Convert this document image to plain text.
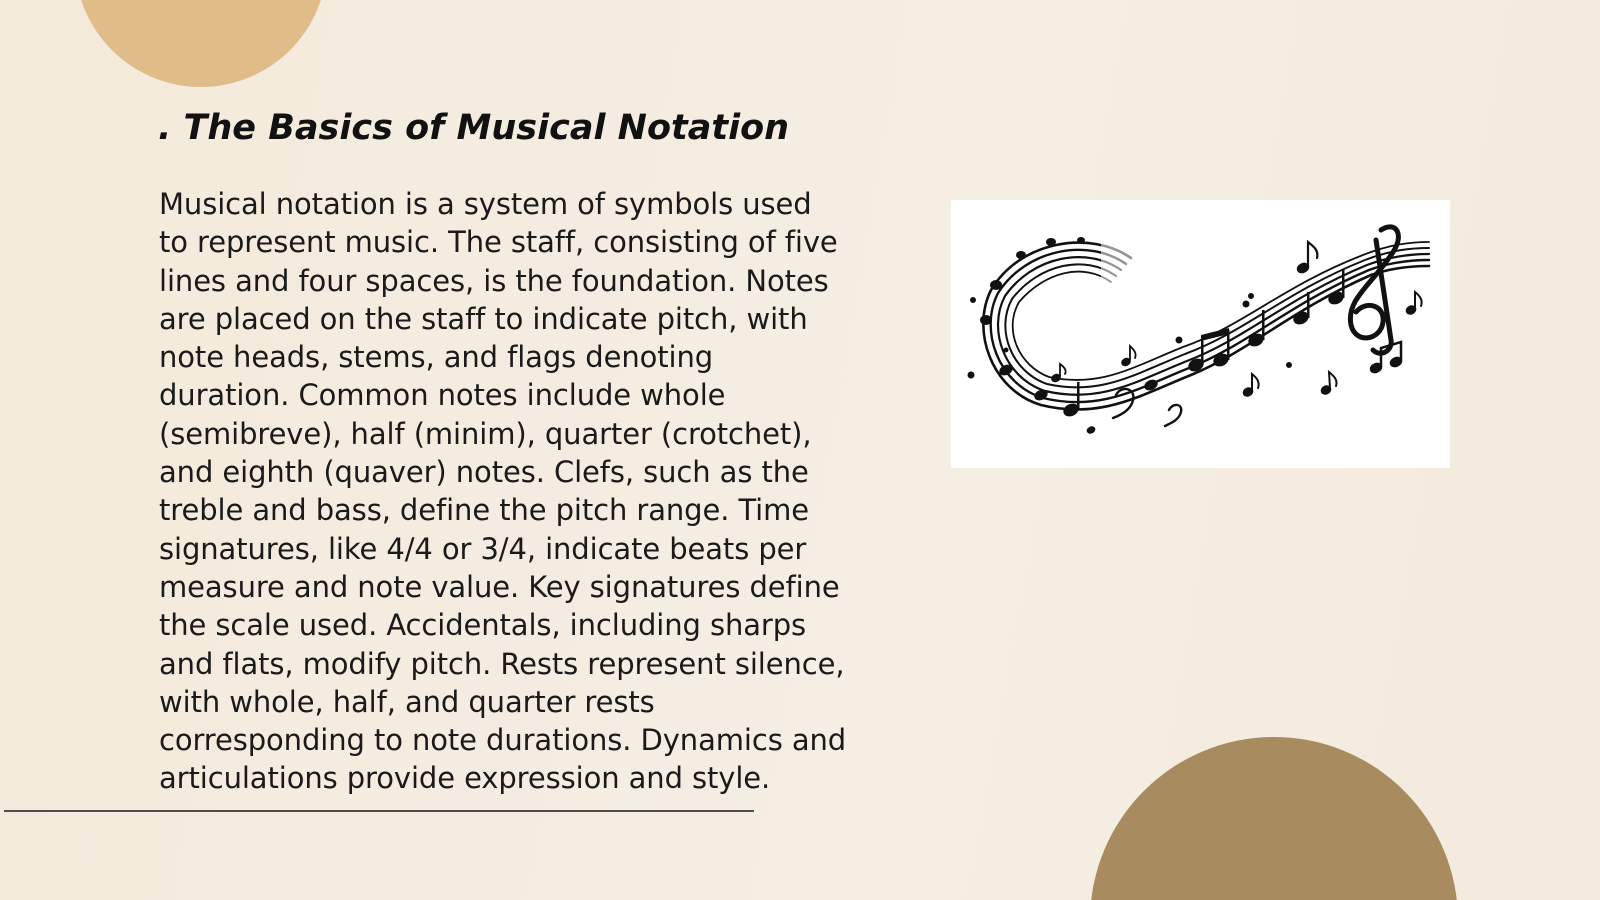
. The Basics of Musical Notation

Musical notation is a system of symbols used to represent music. The staff, consisting of five lines and four spaces, is the foundation. Notes are placed on the staff to indicate pitch, with note heads, stems, and flags denoting duration. Common notes include whole (semibreve), half (minim), quarter (crotchet), and eighth (quaver) notes. Clefs, such as the treble and bass, define the pitch range. Time signatures, like 4/4 or 3/4, indicate beats per measure and note value. Key signatures define the scale used. Accidentals, including sharps and flats, modify pitch. Rests represent silence, with whole, half, and quarter rests corresponding to note durations. Dynamics and articulations provide expression and style.
